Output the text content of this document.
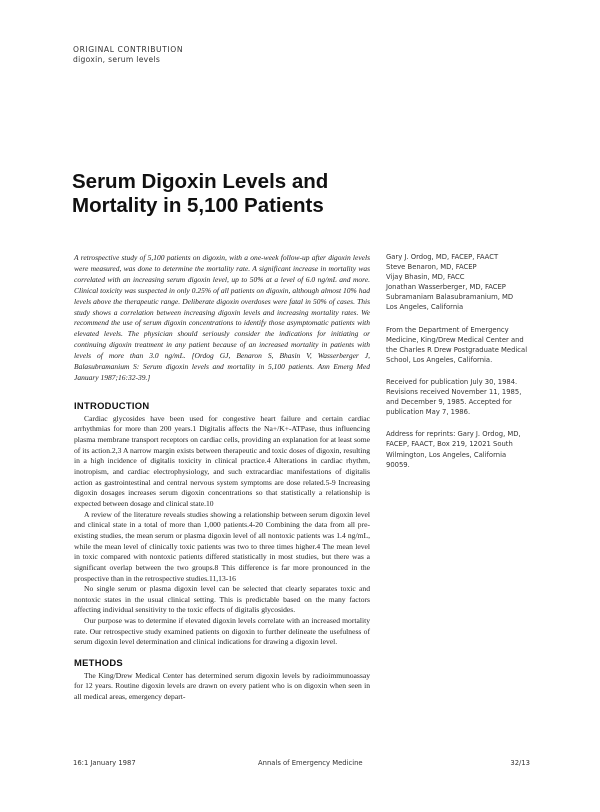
ORIGINAL CONTRIBUTION
digoxin, serum levels
Serum Digoxin Levels and
Mortality in 5,100 Patients
A retrospective study of 5,100 patients on digoxin, with a one-week follow-up after digoxin levels were measured, was done to determine the mortality rate. A significant increase in mortality was correlated with an increasing serum digoxin level, up to 50% at a level of 6.0 ng/mL and more. Clinical toxicity was suspected in only 0.25% of all patients on digoxin, although almost 10% had levels above the therapeutic range. Deliberate digoxin overdoses were fatal in 50% of cases. This study shows a correlation between increasing digoxin levels and increasing mortality rates. We recommend the use of serum digoxin concentrations to identify those asymptomatic patients with elevated levels. The physician should seriously consider the indications for initiating or continuing digoxin treatment in any patient because of an increased mortality in patients with levels of more than 3.0 ng/mL. [Ordog GJ, Benaron S, Bhasin V, Wasserberger J, Balasubramanium S: Serum digoxin levels and mortality in 5,100 patients. Ann Emerg Med January 1987;16:32-39.]
INTRODUCTION

Cardiac glycosides have been used for congestive heart failure and certain cardiac arrhythmias for more than 200 years.1 Digitalis affects the Na+/K+-ATPase, thus influencing plasma membrane transport receptors on cardiac cells, providing an explanation for at least some of its action.2,3 A narrow margin exists between therapeutic and toxic doses of digoxin, resulting in a high incidence of digitalis toxicity in clinical practice.4 Alterations in cardiac rhythm, inotropism, and cardiac electrophysiology, and such extracardiac manifestations of digitalis action as gastrointestinal and central nervous system symptoms are dose related.5-9 Increasing digoxin dosages increases serum digoxin concentrations so that statistically a relationship is expected between dosage and clinical state.10

A review of the literature reveals studies showing a relationship between serum digoxin level and clinical state in a total of more than 1,000 patients.4-20 Combining the data from all pre-existing studies, the mean serum or plasma digoxin level of all nontoxic patients was 1.4 ng/mL, while the mean level of clinically toxic patients was two to three times higher.4 The mean level in toxic compared with nontoxic patients differed statistically in most studies, but there was a significant overlap between the two groups.8 This difference is far more pronounced in the prospective than in the retrospective studies.11,13-16

No single serum or plasma digoxin level can be selected that clearly separates toxic and nontoxic states in the usual clinical setting. This is predictable based on the many factors affecting individual sensitivity to the toxic effects of digitalis glycosides.

Our purpose was to determine if elevated digoxin levels correlate with an increased mortality rate. Our retrospective study examined patients on digoxin to further delineate the usefulness of serum digoxin level determination and clinical indications for drawing a digoxin level.

METHODS

The King/Drew Medical Center has determined serum digoxin levels by radioimmunoassay for 12 years. Routine digoxin levels are drawn on every patient who is on digoxin when seen in all medical areas, emergency depart-

Gary J. Ordog, MD, FACEP, FAACT
Steve Benaron, MD, FACEP
Vijay Bhasin, MD, FACC
Jonathan Wasserberger, MD, FACEP
Subramaniam Balasubramanium, MD
Los Angeles, California

From the Department of Emergency Medicine, King/Drew Medical Center and the Charles R Drew Postgraduate Medical School, Los Angeles, California.

Received for publication July 30, 1984. Revisions received November 11, 1985, and December 9, 1985. Accepted for publication May 7, 1986.

Address for reprints: Gary J. Ordog, MD, FACEP, FAACT, Box 219, 12021 South Wilmington, Los Angeles, California 90059.

16:1 January 1987	Annals of Emergency Medicine	32/13
